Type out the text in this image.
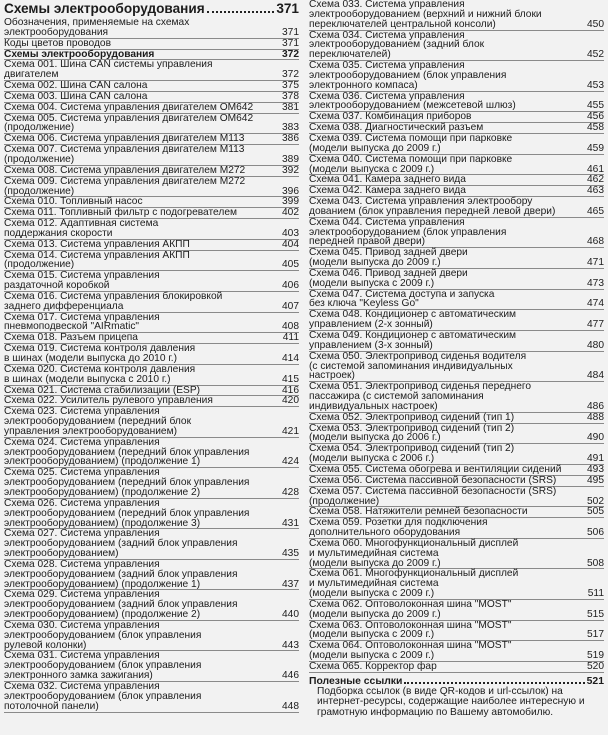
Схемы электрооборудования	371
Обозначения, применяемые на схемах
электрооборудования	371
Коды цветов проводов	371
Схемы электрооборудования	372
Схема 001. Шина CAN системы управления
двигателем	372
Схема 002. Шина CAN салона	375
Схема 003. Шина CAN салона	378
Схема 004. Система управления двигателем OM642	381
Схема 005. Система управления двигателем OM642
(продолжение)	383
Схема 006. Система управления двигателем M113	386
Схема 007. Система управления двигателем M113
(продолжение)	389
Схема 008. Система управления двигателем M272	392
Схема 009. Система управления двигателем M272
(продолжение)	396
Схема 010. Топливный насос	399
Схема 011. Топливный фильтр с подогревателем	402
Схема 012. Адаптивная система
поддержания скорости	403
Схема 013. Система управления АКПП	404
Схема 014. Система управления АКПП
(продолжение)	405
Схема 015. Система управления
раздаточной коробкой	406
Схема 016. Система управления блокировкой
заднего дифференциала	407
Схема 017. Система управления
пневмоподвеской "AIRmatic"	408
Схема 018. Разъем прицепа	411
Схема 019. Система контроля давления
в шинах (модели выпуска до 2010 г.)	414
Схема 020. Система контроля давления
в шинах (модели выпуска с 2010 г.)	415
Схема 021. Система стабилизации (ESP)	416
Схема 022. Усилитель рулевого управления	420
Схема 023. Система управления
электрооборудованием (передний блок
управления электрооборудованием)	421
Схема 024. Система управления
электрооборудованием (передний блок управления
электрооборудованием) (продолжение 1)	424
Схема 025. Система управления
электрооборудованием (передний блок управления
электрооборудованием) (продолжение 2)	428
Схема 026. Система управления
электрооборудованием (передний блок управления
электрооборудованием) (продолжение 3)	431
Схема 027. Система управления
электрооборудованием (задний блок управления
электрооборудованием)	435
Схема 028. Система управления
электрооборудованием (задний блок управления
электрооборудованием) (продолжение 1)	437
Схема 029. Система управления
электрооборудованием (задний блок управления
электрооборудованием) (продолжение 2)	440
Схема 030. Система управления
электрооборудованием (блок управления
рулевой колонки)	443
Схема 031. Система управления
электрооборудованием (блок управления
электронного замка зажигания)	446
Схема 032. Система управления
электрооборудованием (блок управления
потолочной панели)	448
Схема 033. Система управления
электрооборудованием (верхний и нижний блоки
переключателей центральной консоли)	450
Схема 034. Система управления
электрооборудованием (задний блок
переключателей)	452
Схема 035. Система управления
электрооборудованием (блок управления
электронного компаса)	453
Схема 036. Система управления
электрооборудованием (межсетевой шлюз)	455
Схема 037. Комбинация приборов	456
Схема 038. Диагностический разъем	458
Схема 039. Система помощи при парковке
(модели выпуска до 2009 г.)	459
Схема 040. Система помощи при парковке
(модели выпуска с 2009 г.)	461
Схема 041. Камера заднего вида	462
Схема 042. Камера заднего вида	463
Схема 043. Система управления электрообору
дованием (блок управления передней левой двери)	465
Схема 044. Система управления
электрооборудованием (блок управления
передней правой двери)	468
Схема 045. Привод задней двери
(модели выпуска до 2009 г.)	471
Схема 046. Привод задней двери
(модели выпуска с 2009 г.)	473
Схема 047. Система доступа и запуска
без ключа "Keyless Go"	474
Схема 048. Кондиционер с автоматическим
управлением (2-х зонный)	477
Схема 049. Кондиционер с автоматическим
управлением (3-х зонный)	480
Схема 050. Электропривод сиденья водителя
(с системой запоминания индивидуальных
настроек)	484
Схема 051. Электропривод сиденья переднего
пассажира (с системой запоминания
индивидуальных настроек)	486
Схема 052. Электропривод сидений (тип 1)	488
Схема 053. Электропривод сидений (тип 2)
(модели выпуска до 2006 г.)	490
Схема 054. Электропривод сидений (тип 2)
(модели выпуска с 2006 г.)	491
Схема 055. Система обогрева и вентиляции сидений	493
Схема 056. Система пассивной безопасности (SRS)	495
Схема 057. Система пассивной безопасности (SRS)
(продолжение)	502
Схема 058. Натяжители ремней безопасности	505
Схема 059. Розетки для подключения
дополнительного оборудования	506
Схема 060. Многофункциональный дисплей
и мультимедийная система
(модели выпуска до 2009 г.)	508
Схема 061. Многофункциональный дисплей
и мультимедийная система
(модели выпуска с 2009 г.)	511
Схема 062. Оптоволоконная шина "MOST"
(модели выпуска до 2009 г.)	515
Схема 063. Оптоволоконная шина "MOST"
(модели выпуска с 2009 г.)	517
Схема 064. Оптоволоконная шина "MOST"
(модели выпуска с 2009 г.)	519
Схема 065. Корректор фар	520
Полезные ссылки	521
Подборка ссылок (в виде QR-кодов и url-ссылок) на интернет-ресурсы, содержащие наиболее интересную и грамотную информацию по Вашему автомобилю.
